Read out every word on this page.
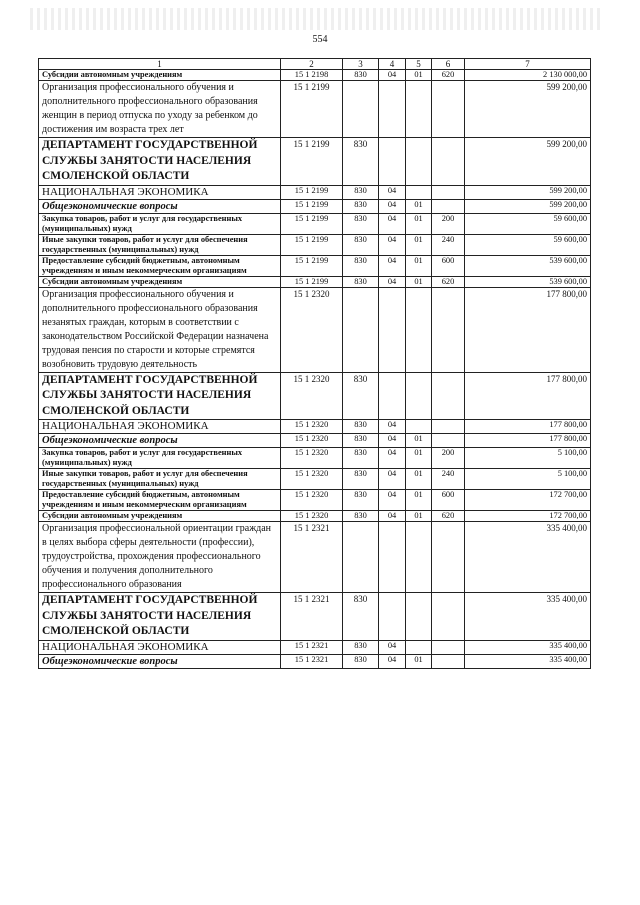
554
1	2	3	4	5	6	7
Субсидии автономным учреждениям	15 1 2198	830	04	01	620	2 130 000,00
Организация профессионального обучения и дополнительного профессионального образования женщин в период отпуска по уходу за ребенком до достижения им возраста трех лет	15 1 2199					599 200,00
ДЕПАРТАМЕНТ ГОСУДАРСТВЕННОЙ СЛУЖБЫ ЗАНЯТОСТИ НАСЕЛЕНИЯ СМОЛЕНСКОЙ ОБЛАСТИ	15 1 2199	830				599 200,00
НАЦИОНАЛЬНАЯ ЭКОНОМИКА	15 1 2199	830	04			599 200,00
Общеэкономические вопросы	15 1 2199	830	04	01		599 200,00
Закупка товаров, работ и услуг для государственных (муниципальных) нужд	15 1 2199	830	04	01	200	59 600,00
Иные закупки товаров, работ и услуг для обеспечения государственных (муниципальных) нужд	15 1 2199	830	04	01	240	59 600,00
Предоставление субсидий бюджетным, автономным учреждениям и иным некоммерческим организациям	15 1 2199	830	04	01	600	539 600,00
Субсидии автономным учреждениям	15 1 2199	830	04	01	620	539 600,00
Организация профессионального обучения и дополнительного профессионального образования незанятых граждан, которым в соответствии с законодательством Российской Федерации назначена трудовая пенсия по старости и которые стремятся возобновить трудовую деятельность	15 1 2320					177 800,00
ДЕПАРТАМЕНТ ГОСУДАРСТВЕННОЙ СЛУЖБЫ ЗАНЯТОСТИ НАСЕЛЕНИЯ СМОЛЕНСКОЙ ОБЛАСТИ	15 1 2320	830				177 800,00
НАЦИОНАЛЬНАЯ ЭКОНОМИКА	15 1 2320	830	04			177 800,00
Общеэкономические вопросы	15 1 2320	830	04	01		177 800,00
Закупка товаров, работ и услуг для государственных (муниципальных) нужд	15 1 2320	830	04	01	200	5 100,00
Иные закупки товаров, работ и услуг для обеспечения государственных (муниципальных) нужд	15 1 2320	830	04	01	240	5 100,00
Предоставление субсидий бюджетным, автономным учреждениям и иным некоммерческим организациям	15 1 2320	830	04	01	600	172 700,00
Субсидии автономным учреждениям	15 1 2320	830	04	01	620	172 700,00
Организация профессиональной ориентации граждан в целях выбора сферы деятельности (профессии), трудоустройства, прохождения профессионального обучения и получения дополнительного профессионального образования	15 1 2321					335 400,00
ДЕПАРТАМЕНТ ГОСУДАРСТВЕННОЙ СЛУЖБЫ ЗАНЯТОСТИ НАСЕЛЕНИЯ СМОЛЕНСКОЙ ОБЛАСТИ	15 1 2321	830				335 400,00
НАЦИОНАЛЬНАЯ ЭКОНОМИКА	15 1 2321	830	04			335 400,00
Общеэкономические вопросы	15 1 2321	830	04	01		335 400,00
